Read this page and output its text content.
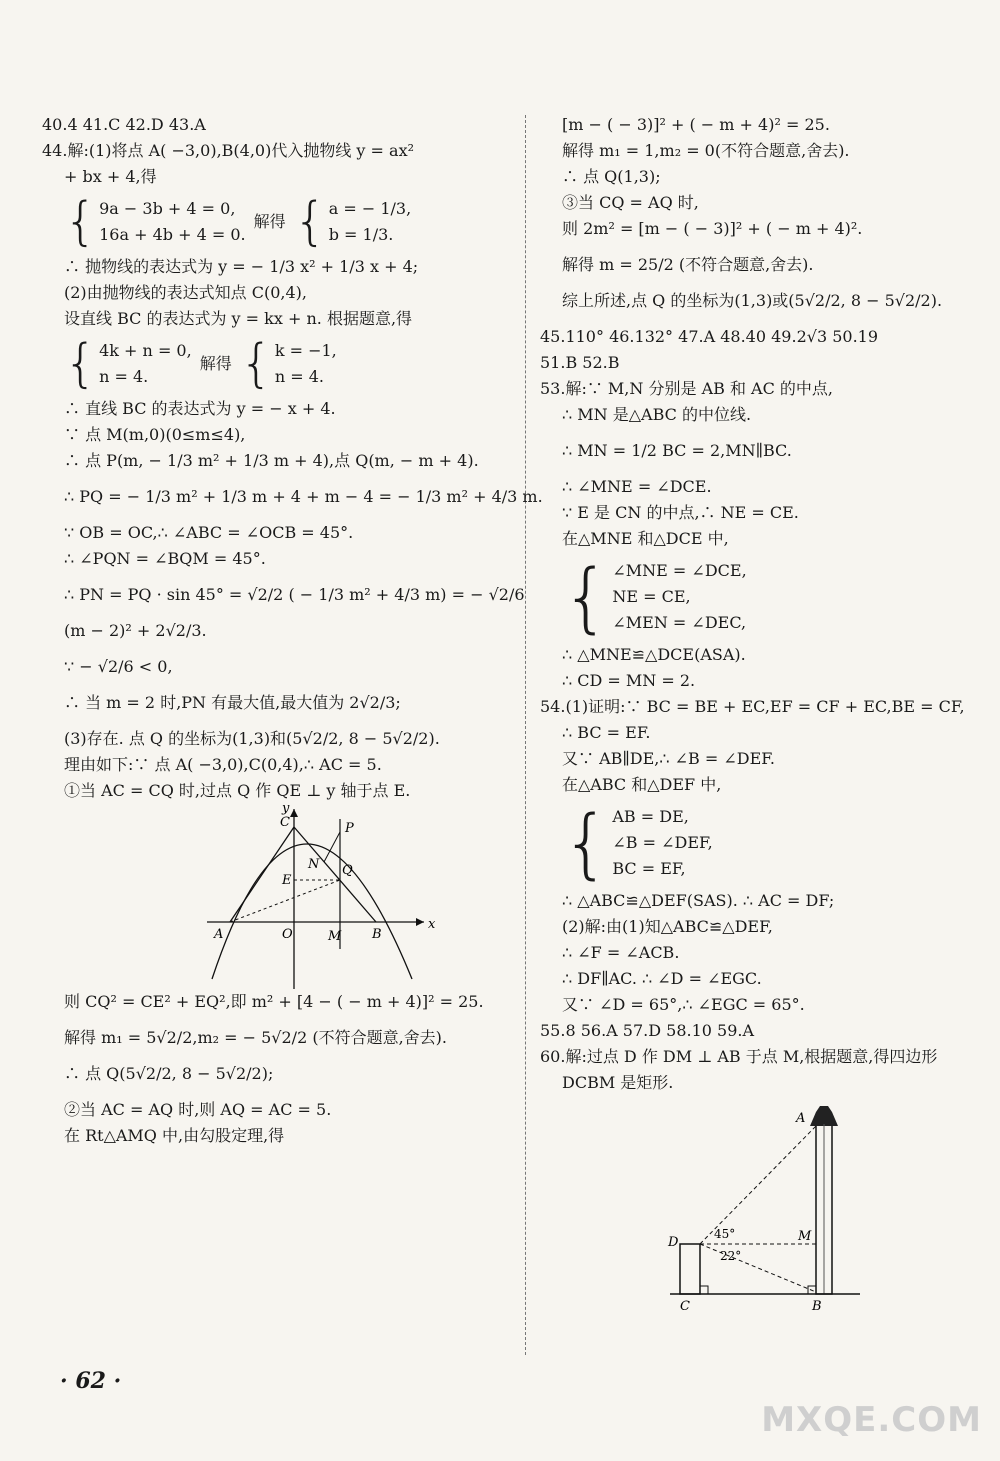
40.4 41.C 42.D 43.A
44.解:(1)将点 A( −3,0),B(4,0)代入抛物线 y = ax²
+ bx + 4,得
{ 9a − 3b + 4 = 0,
16a + 4b + 4 = 0.
解得 { a = − 1/3,
b = 1/3.
∴ 抛物线的表达式为 y = − 1/3 x² + 1/3 x + 4;
(2)由抛物线的表达式知点 C(0,4),
设直线 BC 的表达式为 y = kx + n. 根据题意,得
{ 4k + n = 0,
n = 4.
解得 { k = −1,
n = 4.
∴ 直线 BC 的表达式为 y = − x + 4.
∵ 点 M(m,0)(0≤m≤4),
∴ 点 P(m, − 1/3 m² + 1/3 m + 4),点 Q(m, − m + 4).
∴ PQ = − 1/3 m² + 1/3 m + 4 + m − 4 = − 1/3 m² + 4/3 m.
∵ OB = OC,∴ ∠ABC = ∠OCB = 45°.
∴ ∠PQN = ∠BQM = 45°.
∴ PN = PQ · sin 45° = √2/2 ( − 1/3 m² + 4/3 m) = − √2/6
(m − 2)² + 2√2/3.
∵ − √2/6 < 0,
∴ 当 m = 2 时,PN 有最大值,最大值为 2√2/3;
(3)存在. 点 Q 的坐标为(1,3)和(5√2/2, 8 − 5√2/2).
理由如下:∵ 点 A( −3,0),C(0,4),∴ AC = 5.
①当 AC = CQ 时,过点 Q 作 QE ⊥ y 轴于点 E.
y
C	P
N
E
Q
A	O	M B
x
则 CQ² = CE² + EQ²,即 m² + [4 − ( − m + 4)]² = 25.
解得 m₁ = 5√2/2,m₂ = − 5√2/2 (不符合题意,舍去).
∴ 点 Q(5√2/2, 8 − 5√2/2);
②当 AC = AQ 时,则 AQ = AC = 5.
在 Rt△AMQ 中,由勾股定理,得
[m − ( − 3)]² + ( − m + 4)² = 25.
解得 m₁ = 1,m₂ = 0(不符合题意,舍去).
∴ 点 Q(1,3);
③当 CQ = AQ 时,
则 2m² = [m − ( − 3)]² + ( − m + 4)².
解得 m = 25/2 (不符合题意,舍去).
综上所述,点 Q 的坐标为(1,3)或(5√2/2, 8 − 5√2/2).
45.110° 46.132° 47.A 48.40 49.2√3 50.19
51.B 52.B
53.解:∵ M,N 分别是 AB 和 AC 的中点,
∴ MN 是△ABC 的中位线.
∴ MN = 1/2 BC = 2,MN∥BC.
∴ ∠MNE = ∠DCE.
∵ E 是 CN 的中点,∴ NE = CE.
在△MNE 和△DCE 中,
{ ∠MNE = ∠DCE,
NE = CE,
∠MEN = ∠DEC,
∴ △MNE≌△DCE(ASA).
∴ CD = MN = 2.
54.(1)证明:∵ BC = BE + EC,EF = CF + EC,BE = CF,
∴ BC = EF.
又∵ AB∥DE,∴ ∠B = ∠DEF.
在△ABC 和△DEF 中,
{ AB = DE,
∠B = ∠DEF,
BC = EF,
∴ △ABC≌△DEF(SAS). ∴ AC = DF;
(2)解:由(1)知△ABC≌△DEF,
∴ ∠F = ∠ACB.
∴ DF∥AC. ∴ ∠D = ∠EGC.
又∵ ∠D = 65°,∴ ∠EGC = 65°.
55.8 56.A 57.D 58.10 59.A
60.解:过点 D 作 DM ⊥ AB 于点 M,根据题意,得四边形
DCBM 是矩形.
A
D	M
C	B
45°
22°
· 62 ·
MXQE.COM
